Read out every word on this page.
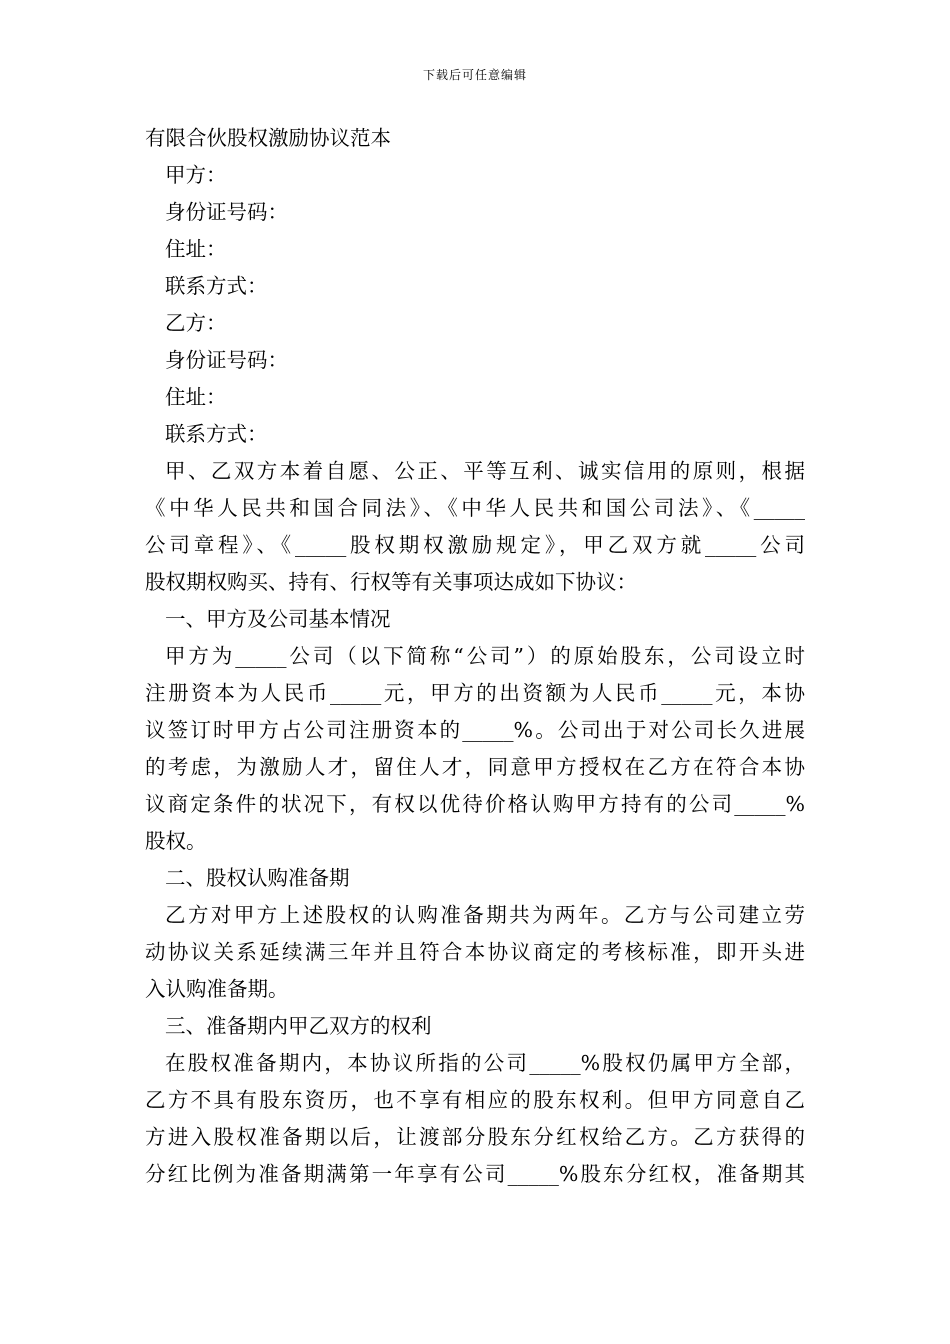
下载后可任意编辑
有限合伙股权激励协议范本
甲方：
身份证号码：
住址：
联系方式：
乙方：
身份证号码：
住址：
联系方式：
甲、乙双方本着自愿、公正、平等互利、诚实信用的原则，根据
《中华人民共和国合同法》、《中华人民共和国公司法》、《_____
公司章程》、《_____股权期权激励规定》，甲乙双方就_____公司
股权期权购买、持有、行权等有关事项达成如下协议：
一、甲方及公司基本情况
甲方为_____公司（以下简称“公司”）的原始股东，公司设立时
注册资本为人民币_____元，甲方的出资额为人民币_____元，本协
议签订时甲方占公司注册资本的_____%。公司出于对公司长久进展
的考虑，为激励人才，留住人才，同意甲方授权在乙方在符合本协
议商定条件的状况下，有权以优待价格认购甲方持有的公司_____%
股权。
二、股权认购准备期
乙方对甲方上述股权的认购准备期共为两年。乙方与公司建立劳
动协议关系延续满三年并且符合本协议商定的考核标准，即开头进
入认购准备期。
三、准备期内甲乙双方的权利
在股权准备期内，本协议所指的公司_____%股权仍属甲方全部，
乙方不具有股东资历，也不享有相应的股东权利。但甲方同意自乙
方进入股权准备期以后，让渡部分股东分红权给乙方。乙方获得的
分红比例为准备期满第一年享有公司_____%股东分红权，准备期其
